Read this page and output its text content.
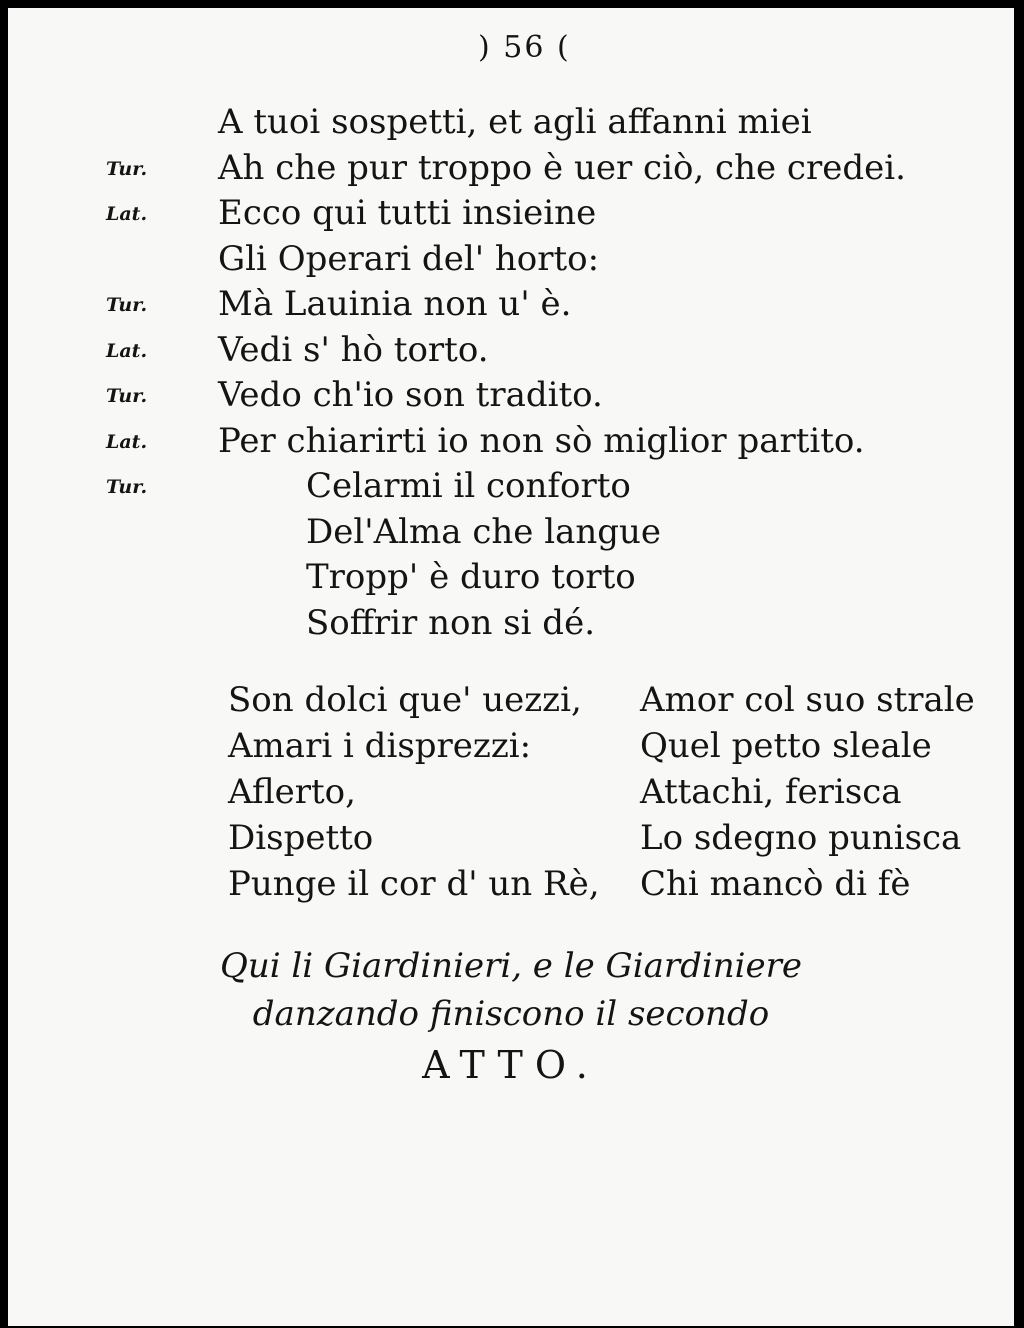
) 56 (
A tuoi sospetti, et agli affanni miei
Tur. Ah che pur troppo è uer ciò, che credei.
Lat. Ecco qui tutti insieine
Gli Operari del' horto:
Tur. Mà Lauinia non u' è.
Lat. Vedi s' hò torto.
Tur. Vedo ch'io son tradito.
Lat. Per chiarirti io non sò miglior partito.
Tur.	Celarmi il conforto
Del'Alma che langue
Tropp' è duro torto
Soffrir non si dé.
Son dolci que' uezzi,
Amari i disprezzi:
Aflerto,
Dispetto
Punge il cor d' un Rè,
Amor col suo strale
Quel petto sleale
Attachi, ferisca
Lo sdegno punisca
Chi mancò di fè
Qui li Giardinieri, e le Giardiniere
danzando finiscono il secondo
ATTO.
